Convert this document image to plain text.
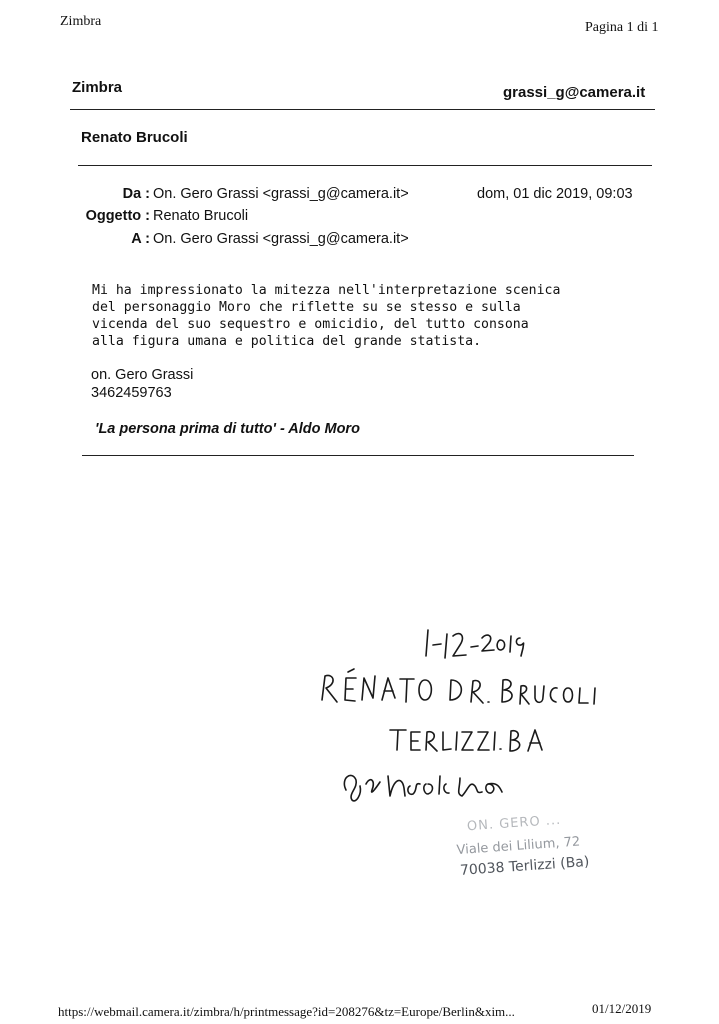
Zimbra	Pagina 1 di 1
Zimbra	grassi_g@camera.it
Renato Brucoli
Da : On. Gero Grassi <grassi_g@camera.it>	dom, 01 dic 2019, 09:03
Oggetto : Renato Brucoli
A : On. Gero Grassi <grassi_g@camera.it>
Mi ha impressionato la mitezza nell'interpretazione scenica
del personaggio Moro che riflette su se stesso e sulla
vicenda del suo sequestro e omicidio, del tutto consona
alla figura umana e politica del grande statista.
on. Gero Grassi
3462459763
'La persona prima di tutto' - Aldo Moro
ON. GERO ...
Viale dei Lilium, 72
70038 Terlizzi (Ba)
https://webmail.camera.it/zimbra/h/printmessage?id=208276&tz=Europe/Berlin&xim...	01/12/2019
